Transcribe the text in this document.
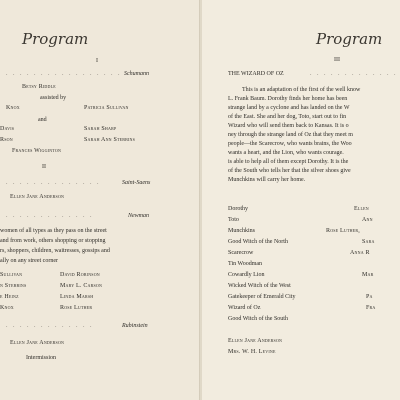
Program
I
. . . . . . . . . . . . . . . . . .
Schumann
Betsy Riddle
assisted by
Knox	Patricia Sullivan
and
Davis	Sarah Sharp
Rson	Sarah Ann Stebbins
Frances Wigginton
II
. . . . . . . . . . . . . .	Saint-Saens
Ellen Jane Anderson
. . . . . . . . . . . . .	Newman
women of all types as they pass on the street
and from work, others shopping or stopping
rs, shoppers, children, waitresses, gossips and
ally on any street corner
Sullivan	David Robinson
n Stebbins	Mary L. Carson
e Heinz	Linda Marsh
Knox	Rose Luther
. . . . . . . . . . . . .	Rubinstein
Ellen Jane Anderson
Intermission
Program
III
THE WIZARD OF OZ	. . . . . . . . . . . . .
This is an adaptation of the first of the well know
L. Frank Baum. Dorothy finds her home has been
strange land by a cyclone and has landed on the W
of the East. She and her dog, Toto, start out to fin
Wizard who will send them back to Kansas. It is o
ney through the strange land of Oz that they meet m
people—the Scarecrow, who wants brains, the Woo
wants a heart, and the Lion, who wants courage.
is able to help all of them except Dorothy. It is the
of the South who tells her that the silver shoes give
Munchkins will carry her home.
Dorothy	Ellen
Toto	Ann
Munchkins	Rose Luther,
Good Witch of the North	Sara
Scarecrow	Anna R
Tin Woodman
Cowardly Lion	Mar
Wicked Witch of the West
Gatekeeper of Emerald City	Pa
Wizard of Oz	Fra
Good Witch of the South
Ellen Jane Anderson
Mrs. W. H. Levine
